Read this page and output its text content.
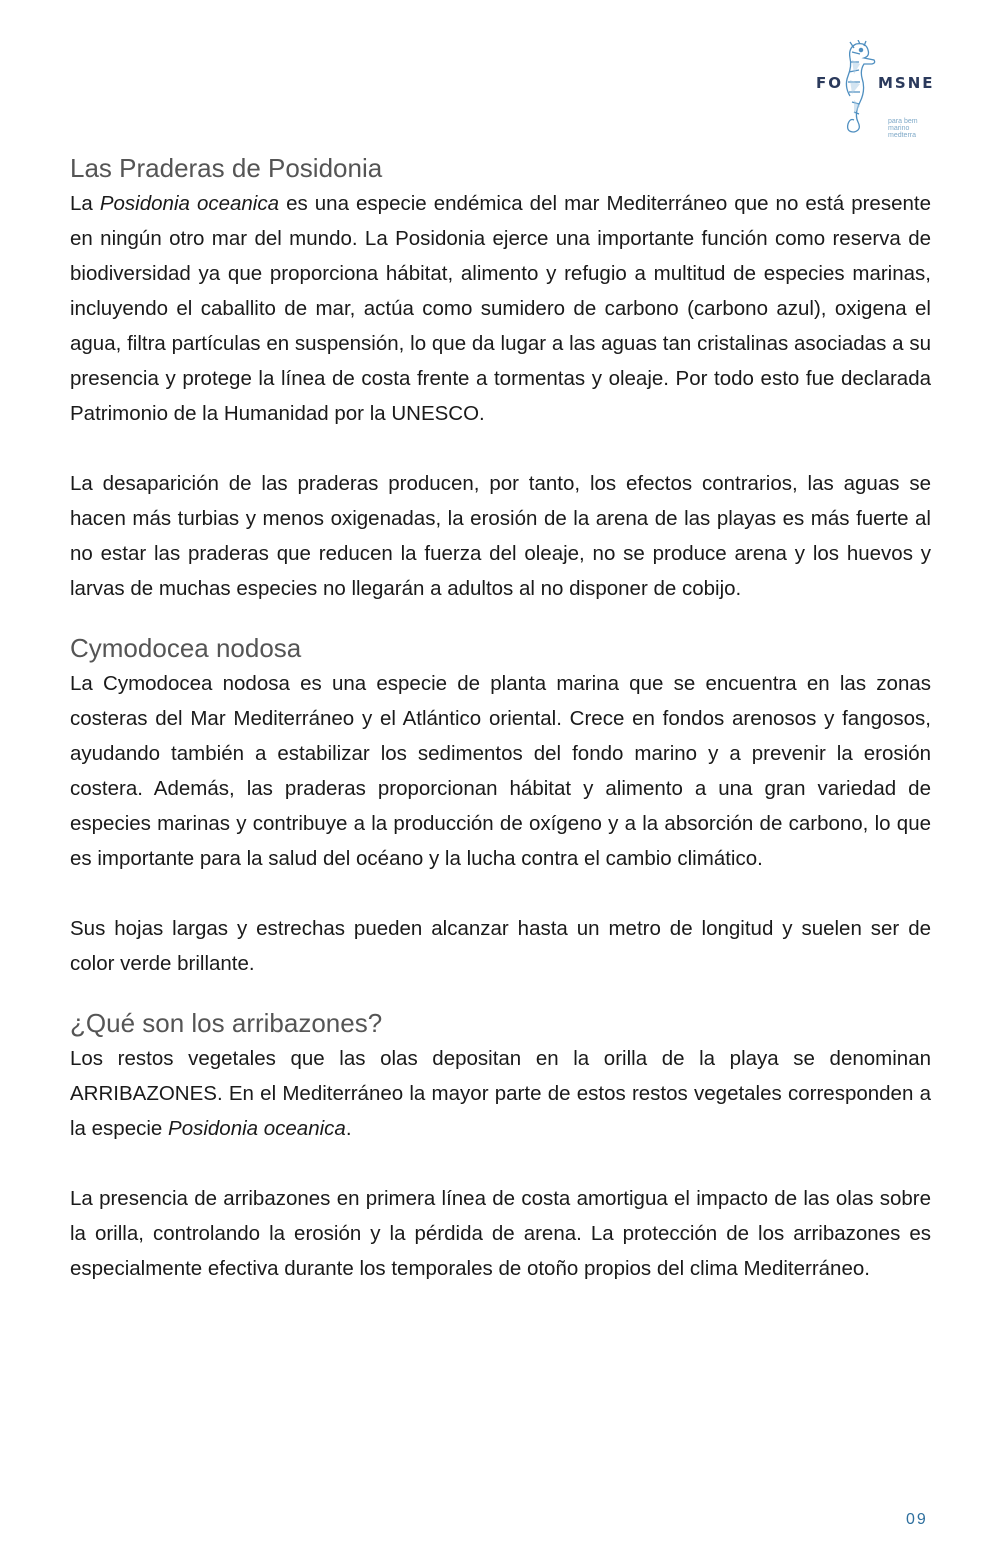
FO MSNE
para bem
marino medterra
Las Praderas de Posidonia

La Posidonia oceanica es una especie endémica del mar Mediterráneo que no está presente en ningún otro mar del mundo. La Posidonia ejerce una importante función como reserva de biodiversidad ya que proporciona hábitat, alimento y refugio a multitud de especies marinas, incluyendo el caballito de mar, actúa como sumidero de carbono (carbono azul), oxigena el agua, filtra partículas en suspensión, lo que da lugar a las aguas tan cristalinas asociadas a su presencia y protege la línea de costa frente a tormentas y oleaje. Por todo esto fue declarada Patrimonio de la Humanidad por la UNESCO.

La desaparición de las praderas producen, por tanto, los efectos contrarios, las aguas se hacen más turbias y menos oxigenadas, la erosión de la arena de las playas es más fuerte al no estar las praderas que reducen la fuerza del oleaje, no se produce arena y los huevos y larvas de muchas especies no llegarán a adultos al no disponer de cobijo.

Cymodocea nodosa

La Cymodocea nodosa es una especie de planta marina que se encuentra en las zonas costeras del Mar Mediterráneo y el Atlántico oriental. Crece en fondos arenosos y fangosos, ayudando también a estabilizar los sedimentos del fondo marino y a prevenir la erosión costera. Además, las praderas proporcionan hábitat y alimento a una gran variedad de especies marinas y contribuye a la producción de oxígeno y a la absorción de carbono, lo que es importante para la salud del océano y la lucha contra el cambio climático.

Sus hojas largas y estrechas pueden alcanzar hasta un metro de longitud y suelen ser de color verde brillante.

¿Qué son los arribazones?

Los restos vegetales que las olas depositan en la orilla de la playa se denominan ARRIBAZONES. En el Mediterráneo la mayor parte de estos restos vegetales corresponden a la especie Posidonia oceanica.

La presencia de arribazones en primera línea de costa amortigua el impacto de las olas sobre la orilla, controlando la erosión y la pérdida de arena. La protección de los arribazones es especialmente efectiva durante los temporales de otoño propios del clima Mediterráneo.

09
